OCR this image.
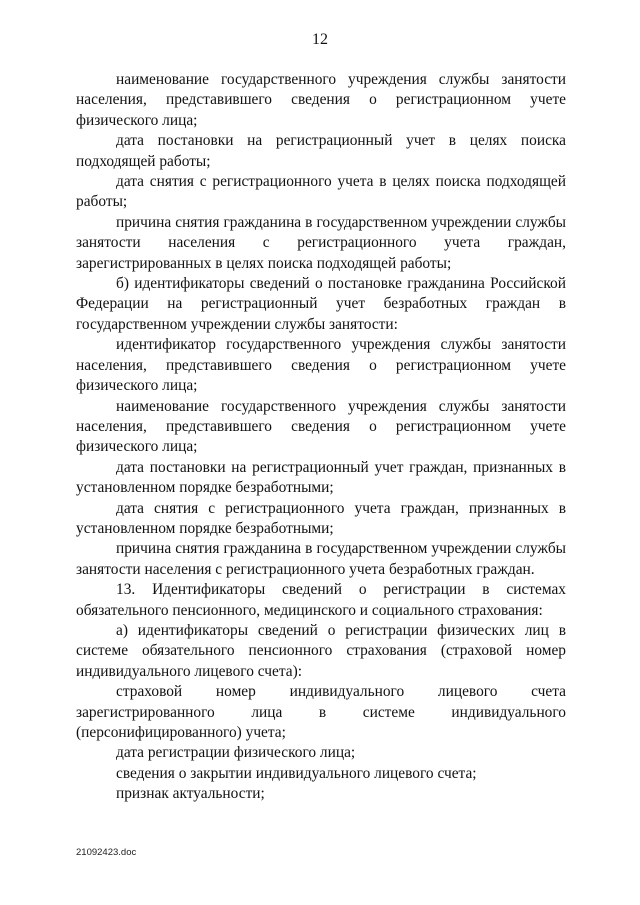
12

наименование государственного учреждения службы занятости населения, представившего сведения о регистрационном учете физического лица;

дата постановки на регистрационный учет в целях поиска подходящей работы;

дата снятия с регистрационного учета в целях поиска подходящей работы;

причина снятия гражданина в государственном учреждении службы занятости населения с регистрационного учета граждан, зарегистрированных в целях поиска подходящей работы;

б) идентификаторы сведений о постановке гражданина Российской Федерации на регистрационный учет безработных граждан в государственном учреждении службы занятости:

идентификатор государственного учреждения службы занятости населения, представившего сведения о регистрационном учете физического лица;

наименование государственного учреждения службы занятости населения, представившего сведения о регистрационном учете физического лица;

дата постановки на регистрационный учет граждан, признанных в установленном порядке безработными;

дата снятия с регистрационного учета граждан, признанных в установленном порядке безработными;

причина снятия гражданина в государственном учреждении службы занятости населения с регистрационного учета безработных граждан.

13. Идентификаторы сведений о регистрации в системах обязательного пенсионного, медицинского и социального страхования:

а) идентификаторы сведений о регистрации физических лиц в системе обязательного пенсионного страхования (страховой номер индивидуального лицевого счета):

страховой номер индивидуального лицевого счета зарегистрированного лица в системе индивидуального (персонифицированного) учета;

дата регистрации физического лица;

сведения о закрытии индивидуального лицевого счета;

признак актуальности;

21092423.doc
